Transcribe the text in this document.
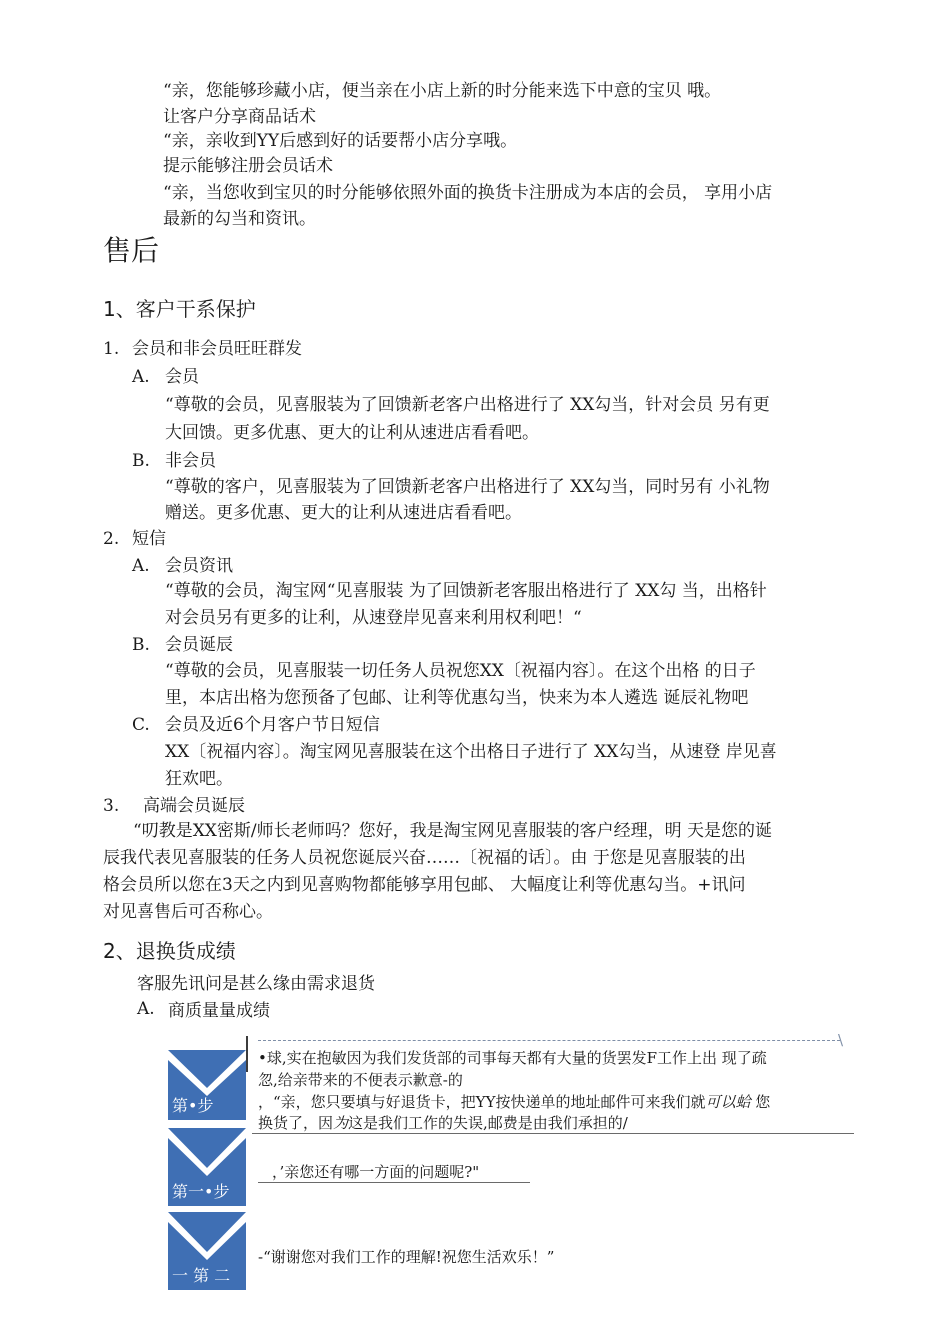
“亲，您能够珍藏小店，便当亲在小店上新的时分能来选下中意的宝贝 哦。
让客户分享商品话术
“亲，亲收到YY后感到好的话要帮小店分享哦。
提示能够注册会员话术
“亲，当您收到宝贝的时分能够依照外面的换货卡注册成为本店的会员， 享用小店
最新的勾当和资讯。
售后
1、客户干系保护
1. 会员和非会员旺旺群发
A. 会员
“尊敬的会员，见喜服装为了回馈新老客户出格进行了 XX勾当，针对会员 另有更
大回馈。更多优惠、更大的让利从速进店看看吧。
B. 非会员
“尊敬的客户，见喜服装为了回馈新老客户出格进行了 XX勾当，同时另有 小礼物
赠送。更多优惠、更大的让利从速进店看看吧。
2. 短信
A. 会员资讯
“尊敬的会员，淘宝网“见喜服装 为了回馈新老客服出格进行了 XX勾 当，出格针
对会员另有更多的让利，从速登岸见喜来利用权利吧！“
B. 会员诞辰
“尊敬的会员，见喜服装一切任务人员祝您XX〔祝福内容〕。在这个出格 的日子
里，本店出格为您预备了包邮、让利等优惠勾当，快来为本人遴选 诞辰礼物吧
C. 会员及近6个月客户节日短信
XX〔祝福内容〕。淘宝网见喜服装在这个出格日子进行了 XX勾当，从速登 岸见喜
狂欢吧。
3. 高端会员诞辰
“叨教是XX密斯/师长老师吗？您好，我是淘宝网见喜服装的客户经理，明 天是您的诞
辰我代表见喜服装的任务人员祝您诞辰兴奋……〔祝福的话〕。由 于您是见喜服装的出
格会员所以您在3天之内到见喜购物都能够享用包邮、 大幅度让利等优惠勾当。+讯问
对见喜售后可否称心。
2、退换货成绩
客服先讯问是甚么缘由需求退货
A. 商质量量成绩
\
第•步
•球,实在抱敏因为我们发货部的司事每天都有大量的货罢发F工作上出 现了疏
忽,给亲带来的不便表示歉意-的
，“亲，您只要填与好退货卡，把YY按快递单的地址邮件可来我们就可以蛤 您
换货了，因为这是我们工作的失误,邮费是由我们承担的/
第一•步
，’亲您还有哪一方面的问题呢?"
一 第 二
-“谢谢您对我们工作的理解!祝您生活欢乐！”
